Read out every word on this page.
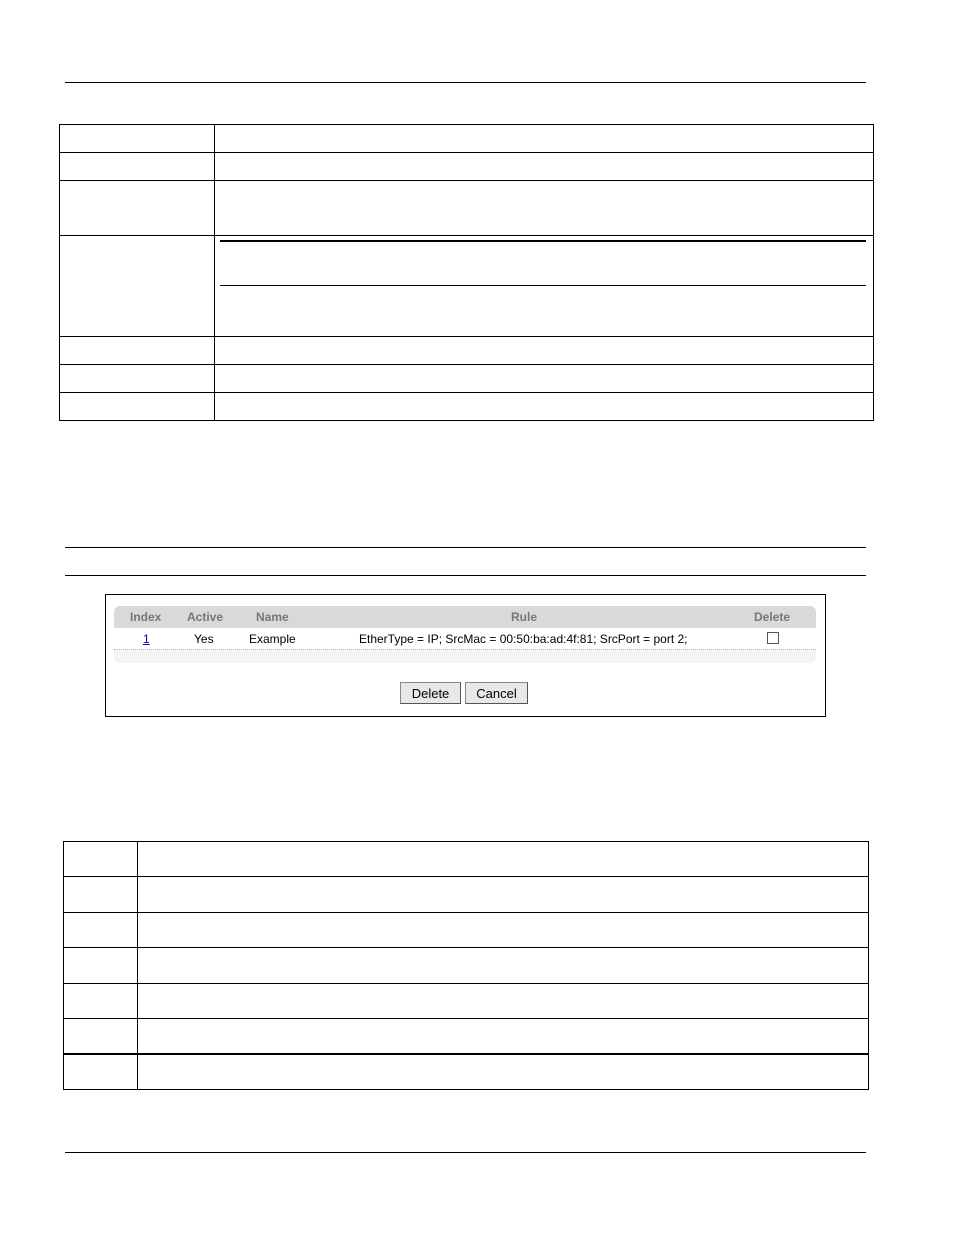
Index Active	Name	Rule	Delete
1	Yes	Example	EtherType = IP; SrcMac = 00:50:ba:ad:4f:81; SrcPort = port 2;
Delete	Cancel
